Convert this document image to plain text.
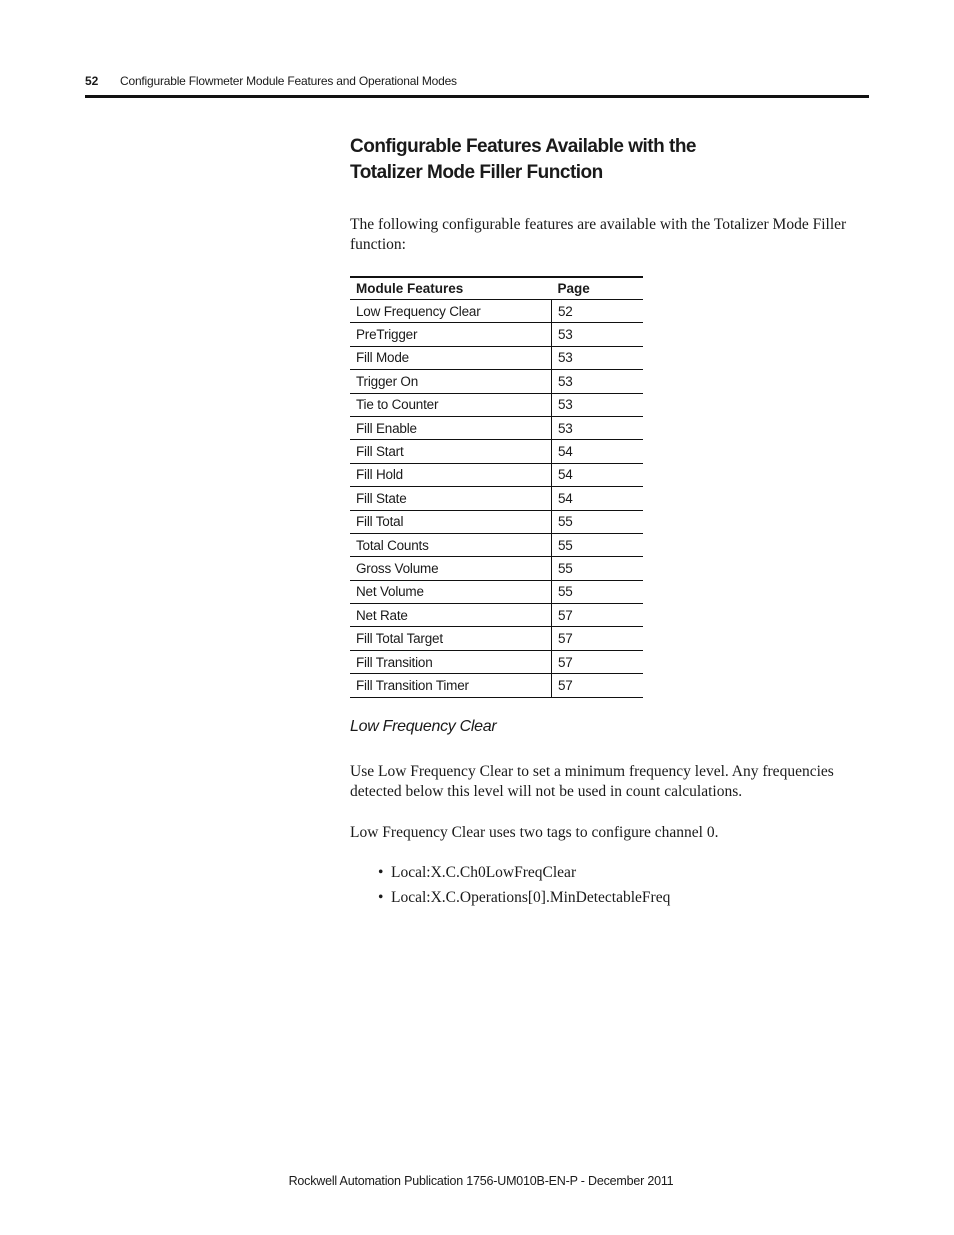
52 Configurable Flowmeter Module Features and Operational Modes
Configurable Features Available with the
Totalizer Mode Filler Function

The following configurable features are available with the Totalizer Mode Filler function:

Module Features	Page
Low Frequency Clear	52
PreTrigger	53
Fill Mode	53
Trigger On	53
Tie to Counter	53
Fill Enable	53
Fill Start	54
Fill Hold	54
Fill State	54
Fill Total	55
Total Counts	55
Gross Volume	55
Net Volume	55
Net Rate	57
Fill Total Target	57
Fill Transition	57
Fill Transition Timer	57
Low Frequency Clear

Use Low Frequency Clear to set a minimum frequency level. Any frequencies detected below this level will not be used in count calculations.

Low Frequency Clear uses two tags to configure channel 0.

• Local:X.C.Ch0LowFreqClear
• Local:X.C.Operations[0].MinDetectableFreq
Rockwell Automation Publication 1756-UM010B-EN-P - December 2011
